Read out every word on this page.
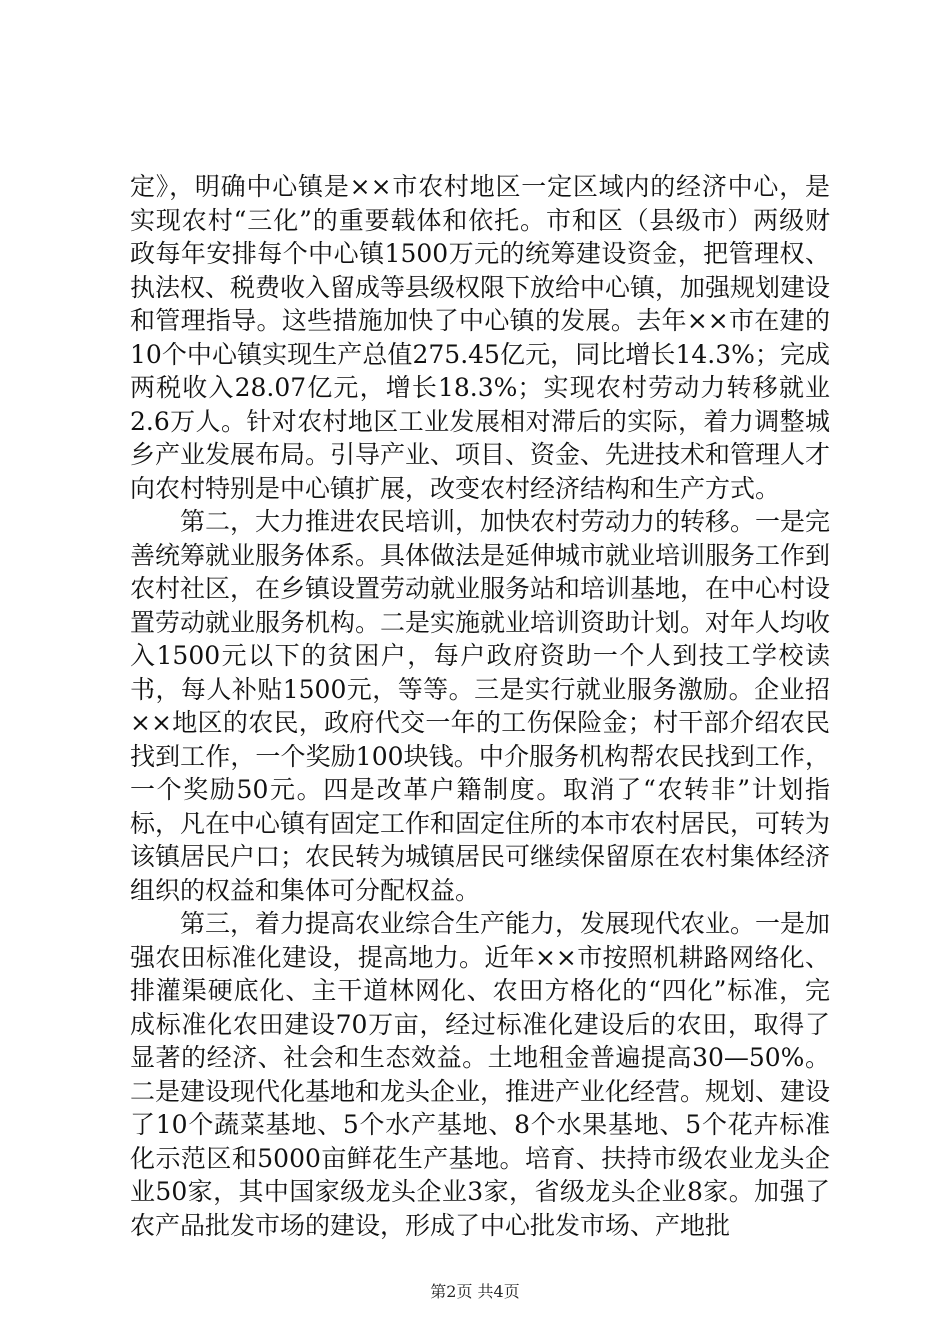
定》，明确中心镇是××市农村地区一定区域内的经济中心，是实现农村“三化”的重要载体和依托。市和区（县级市）两级财政每年安排每个中心镇1500万元的统筹建设资金，把管理权、执法权、税费收入留成等县级权限下放给中心镇，加强规划建设和管理指导。这些措施加快了中心镇的发展。去年××市在建的10个中心镇实现生产总值275.45亿元，同比增长14.3%；完成两税收入28.07亿元，增长18.3%；实现农村劳动力转移就业2.6万人。针对农村地区工业发展相对滞后的实际，着力调整城乡产业发展布局。引导产业、项目、资金、先进技术和管理人才向农村特别是中心镇扩展，改变农村经济结构和生产方式。

第二，大力推进农民培训，加快农村劳动力的转移。一是完善统筹就业服务体系。具体做法是延伸城市就业培训服务工作到农村社区，在乡镇设置劳动就业服务站和培训基地，在中心村设置劳动就业服务机构。二是实施就业培训资助计划。对年人均收入1500元以下的贫困户，每户政府资助一个人到技工学校读书，每人补贴1500元，等等。三是实行就业服务激励。企业招××地区的农民，政府代交一年的工伤保险金；村干部介绍农民找到工作，一个奖励100块钱。中介服务机构帮农民找到工作，一个奖励50元。四是改革户籍制度。取消了“农转非”计划指标，凡在中心镇有固定工作和固定住所的本市农村居民，可转为该镇居民户口；农民转为城镇居民可继续保留原在农村集体经济组织的权益和集体可分配权益。

第三，着力提高农业综合生产能力，发展现代农业。一是加强农田标准化建设，提高地力。近年××市按照机耕路网络化、排灌渠硬底化、主干道林网化、农田方格化的“四化”标准，完成标准化农田建设70万亩，经过标准化建设后的农田，取得了显著的经济、社会和生态效益。土地租金普遍提高30—50%。二是建设现代化基地和龙头企业，推进产业化经营。规划、建设了10个蔬菜基地、5个水产基地、8个水果基地、5个花卉标准化示范区和5000亩鲜花生产基地。培育、扶持市级农业龙头企业50家，其中国家级龙头企业3家，省级龙头企业8家。加强了农产品批发市场的建设，形成了中心批发市场、产地批

第2页 共4页
